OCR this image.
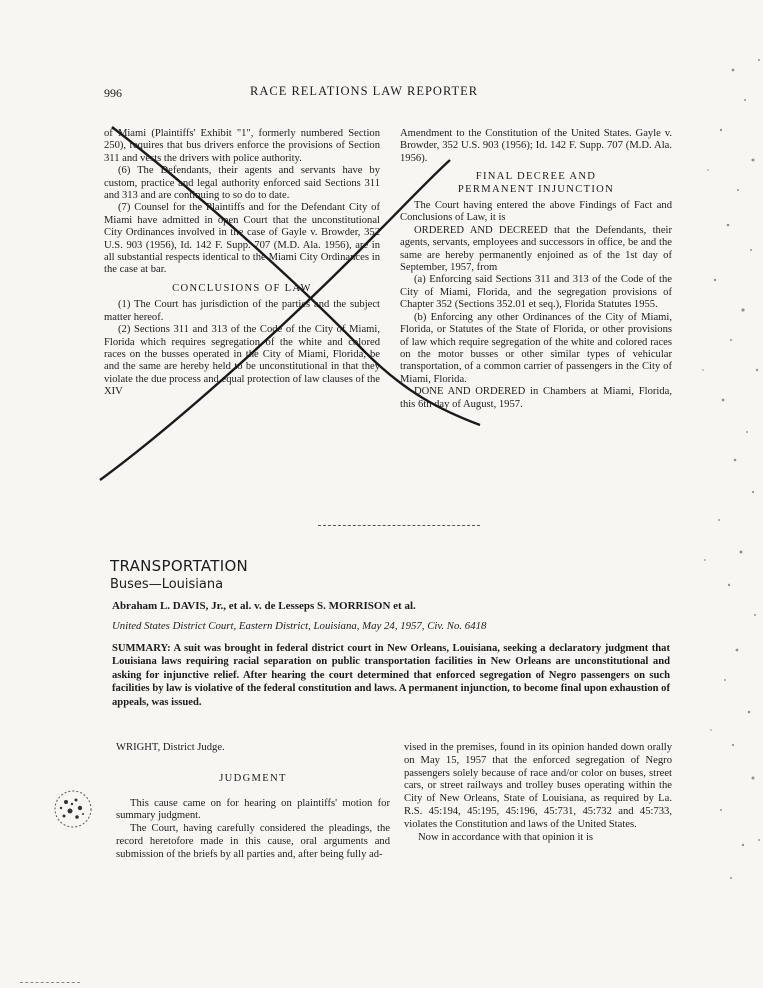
996	RACE RELATIONS LAW REPORTER

of Miami (Plaintiffs' Exhibit "1", formerly numbered Section 250), requires that bus drivers enforce the provisions of Section 311 and vests the drivers with police authority.

(6) The Defendants, their agents and servants have by custom, practice and legal authority enforced said Sections 311 and 313 and are continuing to so do to date.

(7) Counsel for the Plaintiffs and for the Defendant City of Miami have admitted in open Court that the unconstitutional City Ordinances involved in the case of Gayle v. Browder, 352 U.S. 903 (1956), Id. 142 F. Supp. 707 (M.D. Ala. 1956), are in all substantial respects identical to the Miami City Ordinances in the case at bar.

CONCLUSIONS OF LAW

(1) The Court has jurisdiction of the parties and the subject matter hereof.

(2) Sections 311 and 313 of the Code of the City of Miami, Florida which requires segregation of the white and colored races on the busses operated in the City of Miami, Florida, be and the same are hereby held to be unconstitutional in that they violate the due process and equal protection of law clauses of the XIV

Amendment to the Constitution of the United States. Gayle v. Browder, 352 U.S. 903 (1956); Id. 142 F. Supp. 707 (M.D. Ala. 1956).

FINAL DECREE AND

PERMANENT INJUNCTION

The Court having entered the above Findings of Fact and Conclusions of Law, it is

ORDERED AND DECREED that the Defendants, their agents, servants, employees and successors in office, be and the same are hereby permanently enjoined as of the 1st day of September, 1957, from

(a) Enforcing said Sections 311 and 313 of the Code of the City of Miami, Florida, and the segregation provisions of Chapter 352 (Sections 352.01 et seq.), Florida Statutes 1955.

(b) Enforcing any other Ordinances of the City of Miami, Florida, or Statutes of the State of Florida, or other provisions of law which require segregation of the white and colored races on the motor busses or other similar types of vehicular transportation, of a common carrier of passengers in the City of Miami, Florida.

DONE AND ORDERED in Chambers at Miami, Florida, this 6th day of August, 1957.

TRANSPORTATION
Buses—Louisiana
Abraham L. DAVIS, Jr., et al. v. de Lesseps S. MORRISON et al.
United States District Court, Eastern District, Louisiana, May 24, 1957, Civ. No. 6418
SUMMARY: A suit was brought in federal district court in New Orleans, Louisiana, seeking a declaratory judgment that Louisiana laws requiring racial separation on public transportation facilities in New Orleans are unconstitutional and asking for injunctive relief. After hearing the court determined that enforced segregation of Negro passengers on such facilities by law is violative of the federal constitution and laws. A permanent injunction, to become final upon exhaustion of appeals, was issued.

WRIGHT, District Judge.

JUDGMENT

This cause came on for hearing on plaintiffs' motion for summary judgment.

The Court, having carefully considered the pleadings, the record heretofore made in this cause, oral arguments and submission of the briefs by all parties and, after being fully ad-

vised in the premises, found in its opinion handed down orally on May 15, 1957 that the enforced segregation of Negro passengers solely because of race and/or color on buses, street cars, or street railways and trolley buses operating within the City of New Orleans, State of Louisiana, as required by La. R.S. 45:194, 45:195, 45:196, 45:731, 45:732 and 45:733, violates the Constitution and laws of the United States.

Now in accordance with that opinion it is
